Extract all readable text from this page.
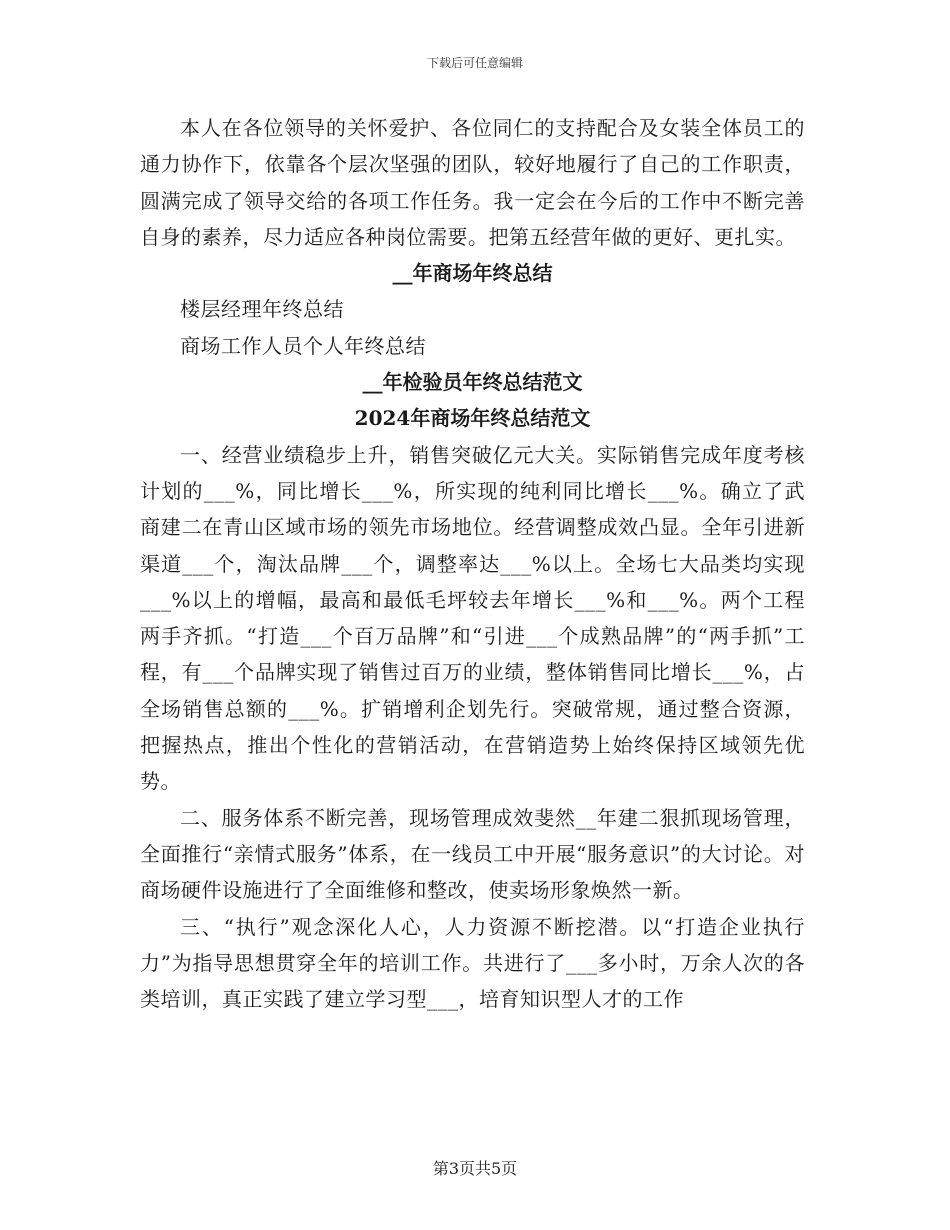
下载后可任意编辑

本人在各位领导的关怀爱护、各位同仁的支持配合及女装全体员工的通力协作下，依靠各个层次坚强的团队，较好地履行了自己的工作职责，圆满完成了领导交给的各项工作任务。我一定会在今后的工作中不断完善自身的素养，尽力适应各种岗位需要。把第五经营年做的更好、更扎实。

__年商场年终总结

楼层经理年终总结

商场工作人员个人年终总结

__年检验员年终总结范文

2024年商场年终总结范文

一、经营业绩稳步上升，销售突破亿元大关。实际销售完成年度考核计划的___%，同比增长___%，所实现的纯利同比增长___%。确立了武商建二在青山区域市场的领先市场地位。经营调整成效凸显。全年引进新渠道___个，淘汰品牌___个，调整率达___%以上。全场七大品类均实现___%以上的增幅，最高和最低毛坪较去年增长___%和___%。两个工程两手齐抓。“打造___个百万品牌”和“引进___个成熟品牌”的“两手抓”工程，有___个品牌实现了销售过百万的业绩，整体销售同比增长___%，占全场销售总额的___%。扩销增利企划先行。突破常规，通过整合资源，把握热点，推出个性化的营销活动，在营销造势上始终保持区域领先优势。

二、服务体系不断完善，现场管理成效斐然__年建二狠抓现场管理，全面推行“亲情式服务”体系，在一线员工中开展“服务意识”的大讨论。对商场硬件设施进行了全面维修和整改，使卖场形象焕然一新。

三、“执行”观念深化人心，人力资源不断挖潜。以“打造企业执行力”为指导思想贯穿全年的培训工作。共进行了___多小时，万余人次的各类培训，真正实践了建立学习型___，培育知识型人才的工作

第3页共5页
